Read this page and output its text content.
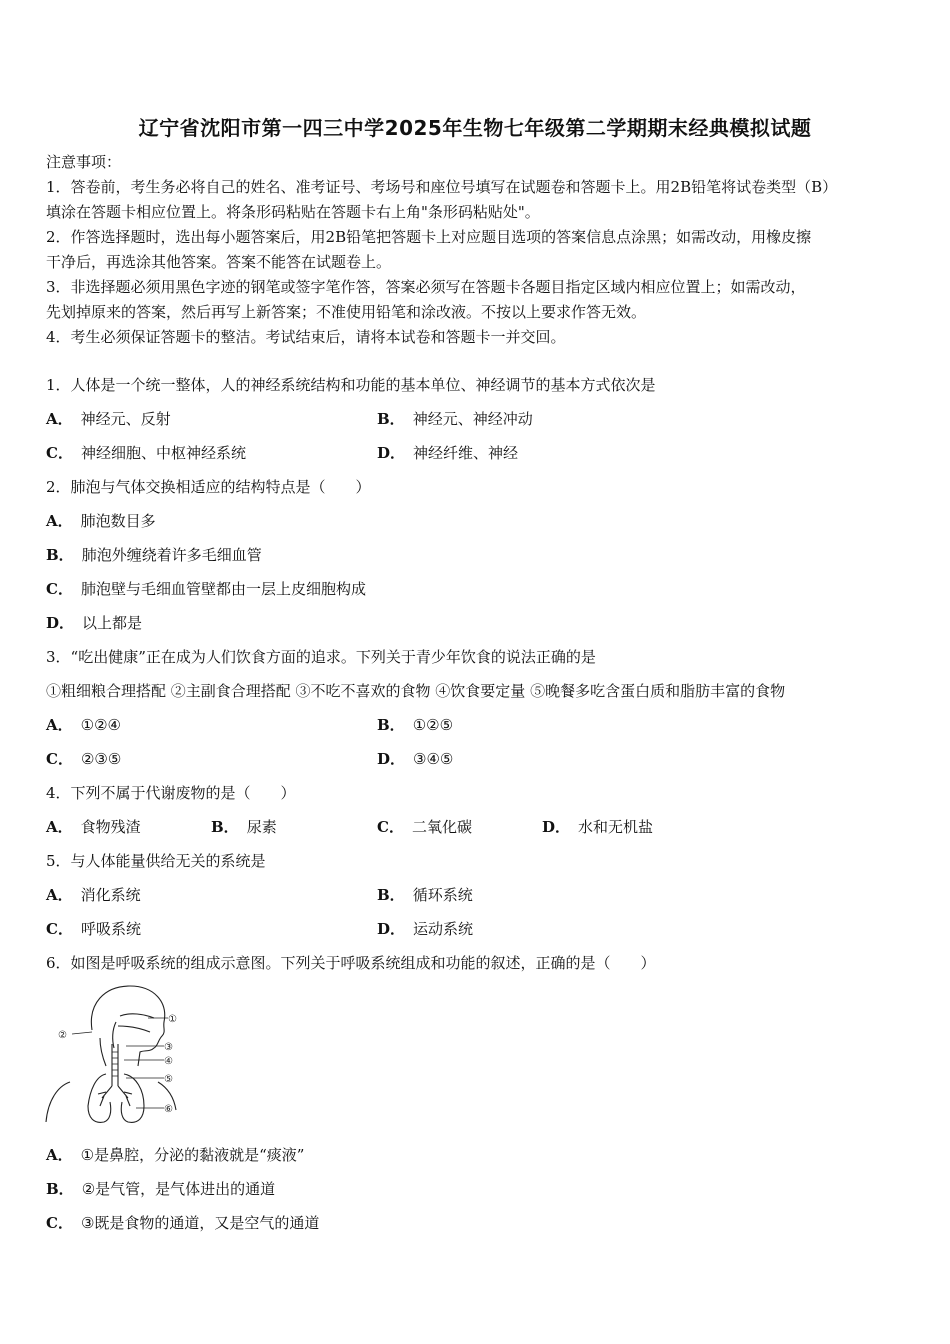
辽宁省沈阳市第一四三中学2025年生物七年级第二学期期末经典模拟试题
注意事项：
1．答卷前，考生务必将自己的姓名、准考证号、考场号和座位号填写在试题卷和答题卡上。用2B铅笔将试卷类型（B）
填涂在答题卡相应位置上。将条形码粘贴在答题卡右上角"条形码粘贴处"。
2．作答选择题时，选出每小题答案后，用2B铅笔把答题卡上对应题目选项的答案信息点涂黑；如需改动，用橡皮擦
干净后，再选涂其他答案。答案不能答在试题卷上。
3．非选择题必须用黑色字迹的钢笔或签字笔作答，答案必须写在答题卡各题目指定区域内相应位置上；如需改动，
先划掉原来的答案，然后再写上新答案；不准使用铅笔和涂改液。不按以上要求作答无效。
4．考生必须保证答题卡的整洁。考试结束后，请将本试卷和答题卡一并交回。
1．人体是一个统一整体，人的神经系统结构和功能的基本单位、神经调节的基本方式依次是
A． 神经元、反射	B． 神经元、神经冲动
C． 神经细胞、中枢神经系统	D． 神经纤维、神经
2．肺泡与气体交换相适应的结构特点是（　　）
A． 肺泡数目多
B． 肺泡外缠绕着许多毛细血管
C． 肺泡壁与毛细血管壁都由一层上皮细胞构成
D． 以上都是
3．“吃出健康”正在成为人们饮食方面的追求。下列关于青少年饮食的说法正确的是
①粗细粮合理搭配 ②主副食合理搭配 ③不吃不喜欢的食物 ④饮食要定量 ⑤晚餐多吃含蛋白质和脂肪丰富的食物
A． ①②④	B． ①②⑤
C． ②③⑤	D． ③④⑤
4．下列不属于代谢废物的是（　　）
A． 食物残渣	B． 尿素	C． 二氧化碳	D． 水和无机盐
5．与人体能量供给无关的系统是
A． 消化系统	B． 循环系统
C． 呼吸系统	D． 运动系统
6．如图是呼吸系统的组成示意图。下列关于呼吸系统组成和功能的叙述，正确的是（　　）
①
②
③
④
⑤
⑥
A． ①是鼻腔，分泌的黏液就是“痰液”
B． ②是气管，是气体进出的通道
C． ③既是食物的通道，又是空气的通道
